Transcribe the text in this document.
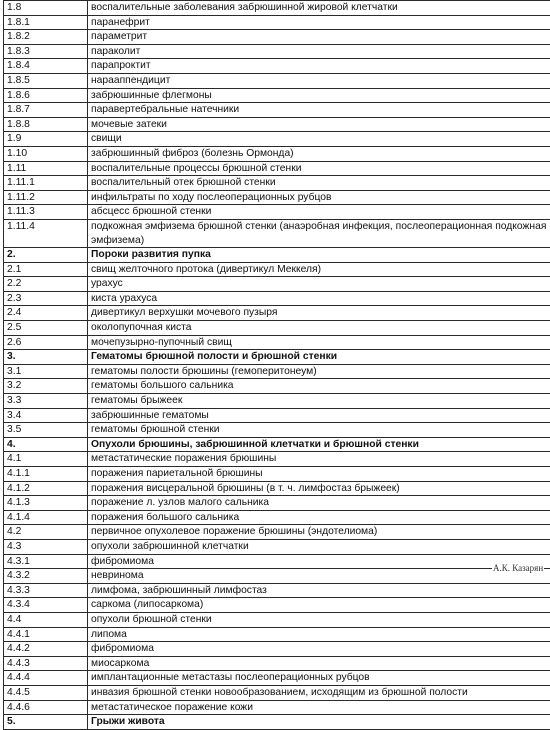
1.8	воспалительные заболевания забрюшинной жировой клетчатки
1.8.1	паранефрит
1.8.2	параметрит
1.8.3	параколит
1.8.4	парапроктит
1.8.5	нарааппендицит
1.8.6	забрюшинные флегмоны
1.8.7	паравертебральные натечники
1.8.8	мочевые затеки
1.9	свищи
1.10	забрюшинный фиброз (болезнь Ормонда)
1.11	воспалительные процессы брюшной стенки
1.11.1	воспалительный отек брюшной стенки
1.11.2	инфильтраты по ходу послеоперационных рубцов
1.11.3	абсцесс брюшной стенки
1.11.4	подкожная эмфизема брюшной стенки (анаэробная инфекция, послеоперационная подкожная эмфизема)
2.	Пороки развития пупка
2.1	свищ желточного протока (дивертикул Меккеля)
2.2	урахус
2.3	киста урахуса
2.4	дивертикул верхушки мочевого пузыря
2.5	околопупочная киста
2.6	мочепузырно-пупочный свищ
3.	Гематомы брюшной полости и брюшной стенки
3.1	гематомы полости брюшины (гемоперитонеум)
3.2	гематомы большого сальника
3.3	гематомы брыжеек
3.4	забрюшинные гематомы
3.5	гематомы брюшной стенки
4.	Опухоли брюшины, забрюшинной клетчатки и брюшной стенки
4.1	метастатические поражения брюшины
4.1.1	поражения париетальной брюшины
4.1.2	поражения висцеральной брюшины (в т. ч. лимфостаз брыжеек)
4.1.3	поражение л. узлов малого сальника
4.1.4	поражения большого сальника
4.2	первичное опухолевое поражение брюшины (эндотелиома)
4.3	опухоли забрюшинной клетчатки
4.3.1	фибромиома
4.3.2	невринома
4.3.3	лимфома, забрюшинный лимфостаз
4.3.4	саркома (липосаркома)
4.4	опухоли брюшной стенки
4.4.1	липома
4.4.2	фибромиома
4.4.3	миосаркома
4.4.4	имплантационные метастазы послеоперационных рубцов
4.4.5	инвазия брюшной стенки новообразованием, исходящим из брюшной полости
4.4.6	метастатическое поражение кожи
5.	Грыжи живота
А.К. Казарян
